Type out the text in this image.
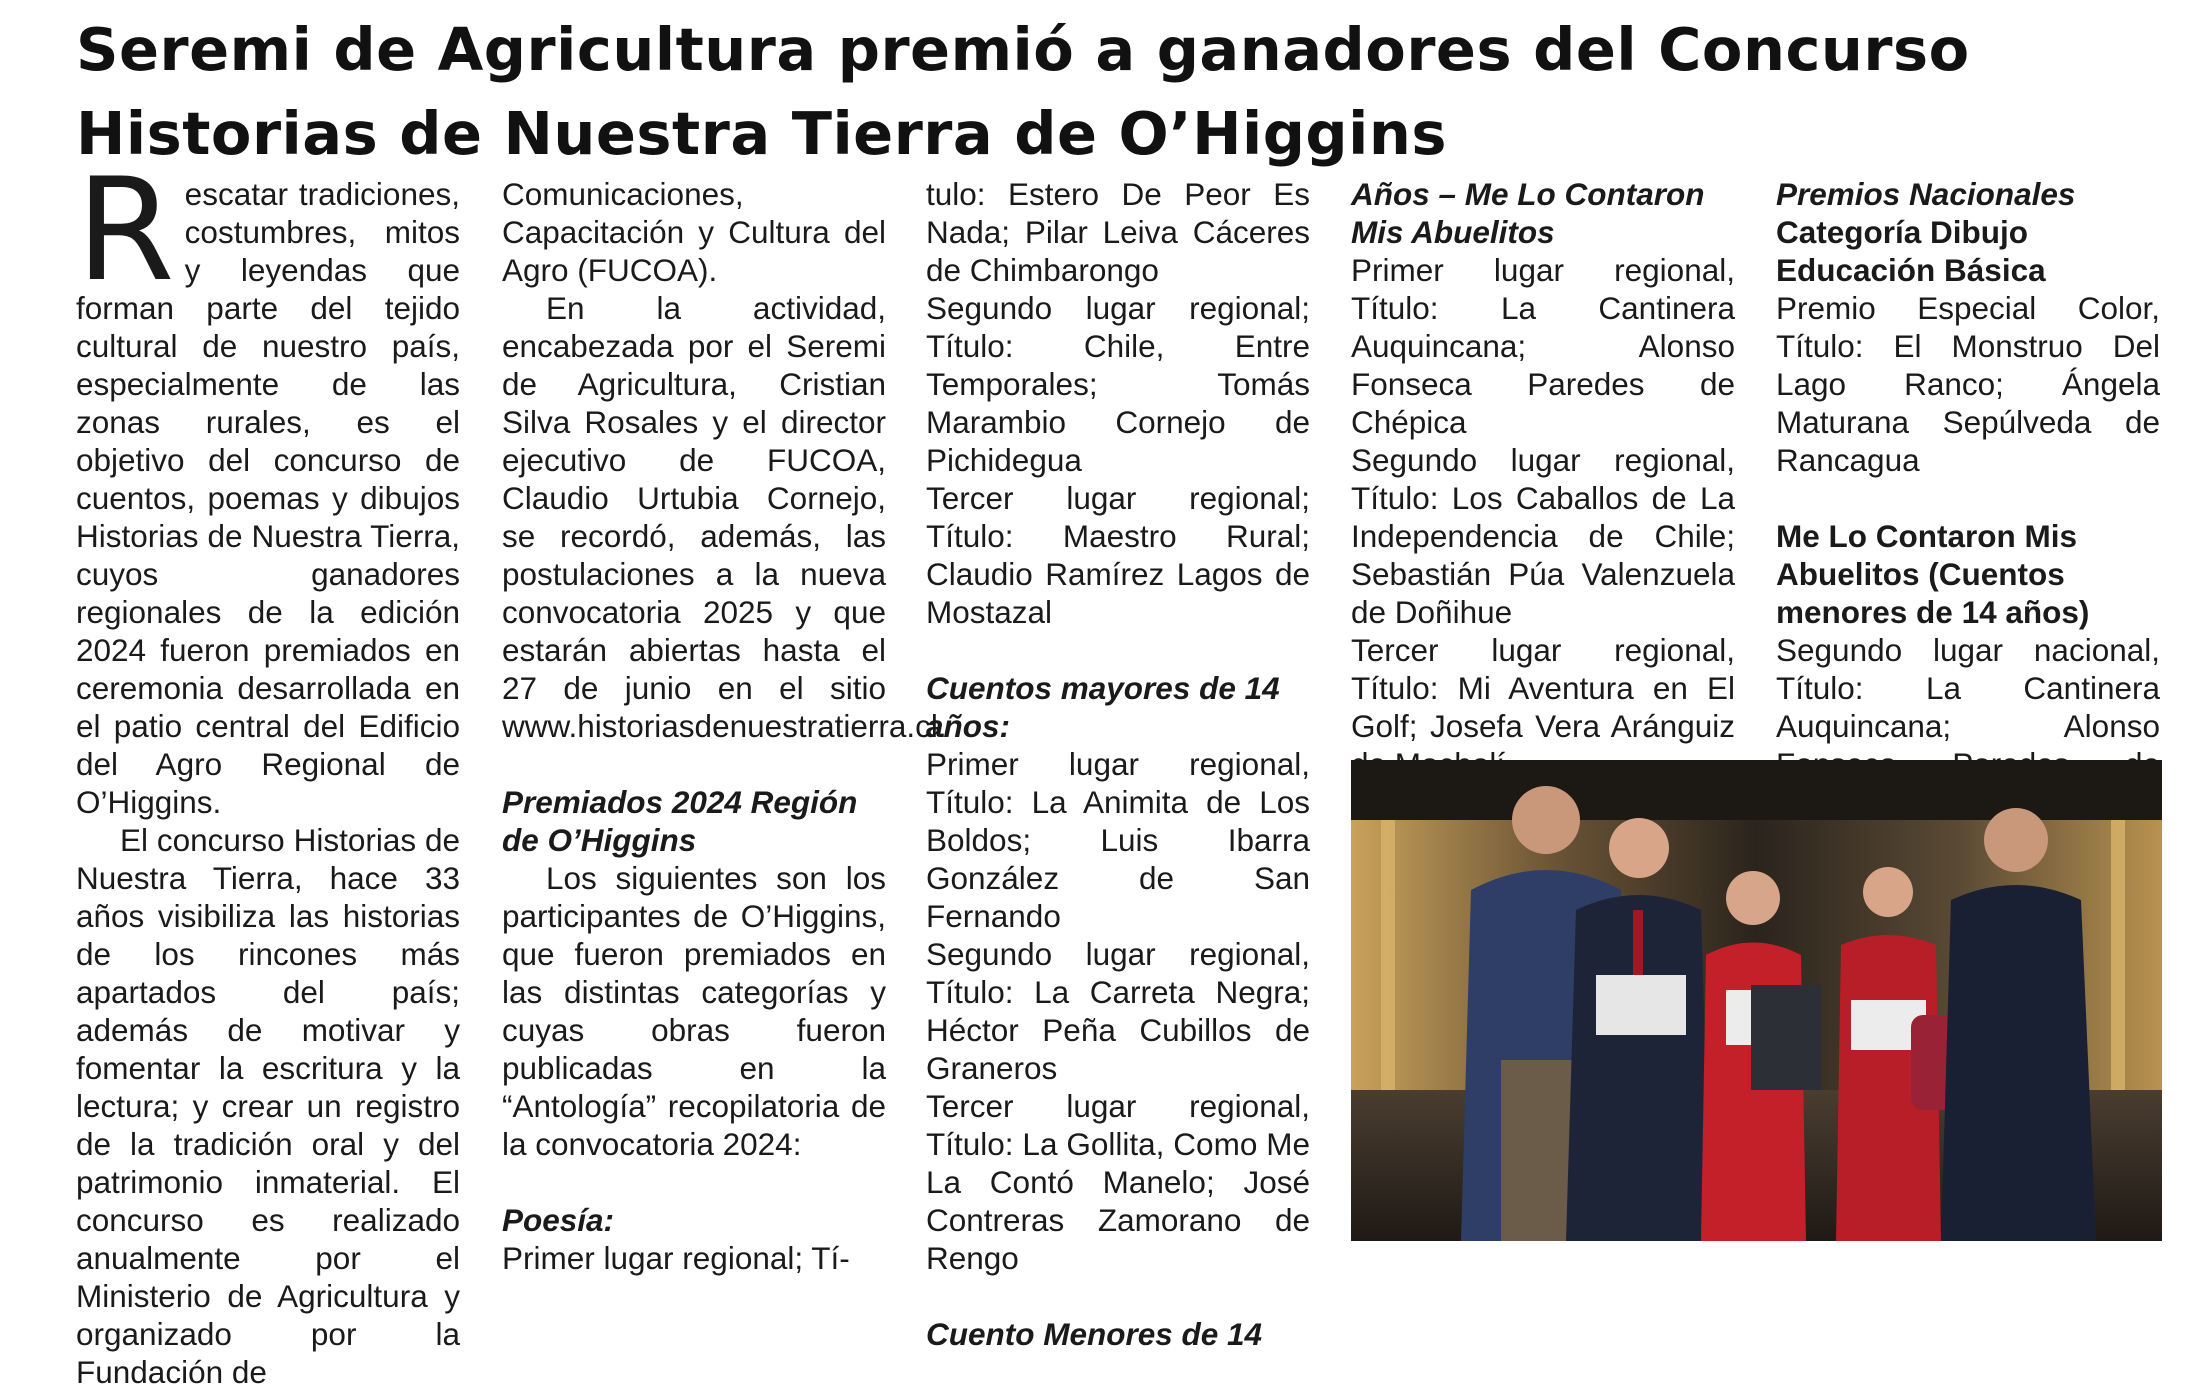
Seremi de Agricultura premió a ganadores del Concurso
Historias de Nuestra Tierra de O’Higgins

Rescatar tradiciones, costumbres, mitos y leyendas que forman parte del tejido cultural de nuestro país, especialmente de las zonas rurales, es el objetivo del concurso de cuentos, poemas y dibujos Historias de Nuestra Tierra, cuyos ganadores regionales de la edición 2024 fueron premiados en ceremonia desarrollada en el patio central del Edificio del Agro Regional de O’Higgins.

El concurso Historias de Nuestra Tierra, hace 33 años visibiliza las historias de los rincones más apartados del país; además de motivar y fomentar la escritura y la lectura; y crear un registro de la tradición oral y del patrimonio inmaterial. El concurso es realizado anualmente por el Ministerio de Agricultura y organizado por la Fundación de

Comunicaciones, Capacitación y Cultura del Agro (FUCOA).

En la actividad, encabezada por el Seremi de Agricultura, Cristian Silva Rosales y el director ejecutivo de FUCOA, Claudio Urtubia Cornejo, se recordó, además, las postulaciones a la nueva convocatoria 2025 y que estarán abiertas hasta el 27 de junio en el sitio www.historiasdenuestratierra.cl.

Premiados 2024 Región de O’Higgins

Los siguientes son los participantes de O’Higgins, que fueron premiados en las distintas categorías y cuyas obras fueron publicadas en la “Antología” recopilatoria de la convocatoria 2024:

Poesía:

Primer lugar regional; Tí-

tulo: Estero De Peor Es Nada; Pilar Leiva Cáceres de Chimbarongo

Segundo lugar regional; Título: Chile, Entre Temporales; Tomás Marambio Cornejo de Pichidegua

Tercer lugar regional; Título: Maestro Rural; Claudio Ramírez Lagos de Mostazal

Cuentos mayores de 14 años:

Primer lugar regional, Título: La Animita de Los Boldos; Luis Ibarra González de San Fernando

Segundo lugar regional, Título: La Carreta Negra; Héctor Peña Cubillos de Graneros

Tercer lugar regional, Título: La Gollita, Como Me La Contó Manelo; José Contreras Zamorano de Rengo

Cuento Menores de 14

Años – Me Lo Contaron Mis Abuelitos

Primer lugar regional, Título: La Cantinera Auquincana; Alonso Fonseca Paredes de Chépica

Segundo lugar regional, Título: Los Caballos de La Independencia de Chile; Sebastián Púa Valenzuela de Doñihue

Tercer lugar regional, Título: Mi Aventura en El Golf; Josefa Vera Aránguiz

Premios Nacionales

Categoría Dibujo Educación Básica

Premio Especial Color, Título: El Monstruo Del Lago Ranco; Ángela Maturana Sepúlveda de Rancagua

Me Lo Contaron Mis Abuelitos (Cuentos menores de 14 años)

Segundo lugar nacional, Título: La Cantinera Auquincana; Alonso
